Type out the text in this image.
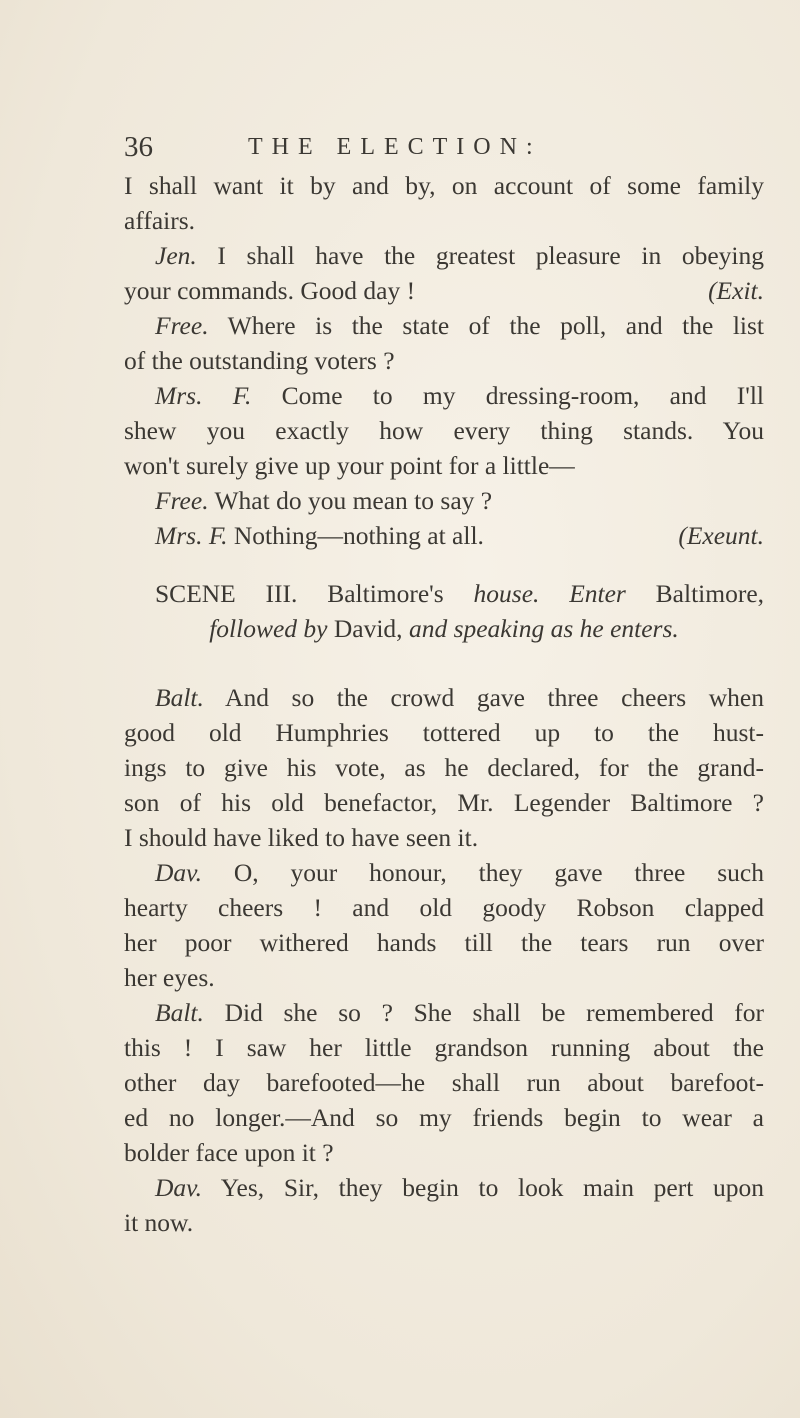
36	THE ELECTION:
I shall want it by and by, on account of some family
affairs.
Jen. I shall have the greatest pleasure in obeying
(Exit.
your commands. Good day !
Free. Where is the state of the poll, and the list
of the outstanding voters ?
Mrs. F. Come to my dressing-room, and I'll
shew you exactly how every thing stands. You
won't surely give up your point for a little—
Free. What do you mean to say ?
(Exeunt.
Mrs. F. Nothing—nothing at all.
SCENE III. Baltimore's house. Enter Baltimore,
followed by David, and speaking as he enters.
Balt. And so the crowd gave three cheers when
good old Humphries tottered up to the hust-
ings to give his vote, as he declared, for the grand-
son of his old benefactor, Mr. Legender Baltimore ?
I should have liked to have seen it.
Dav. O, your honour, they gave three such
hearty cheers ! and old goody Robson clapped
her poor withered hands till the tears run over
her eyes.
Balt. Did she so ? She shall be remembered for
this ! I saw her little grandson running about the
other day barefooted—he shall run about barefoot-
ed no longer.—And so my friends begin to wear a
bolder face upon it ?
Dav. Yes, Sir, they begin to look main pert upon
it now.
